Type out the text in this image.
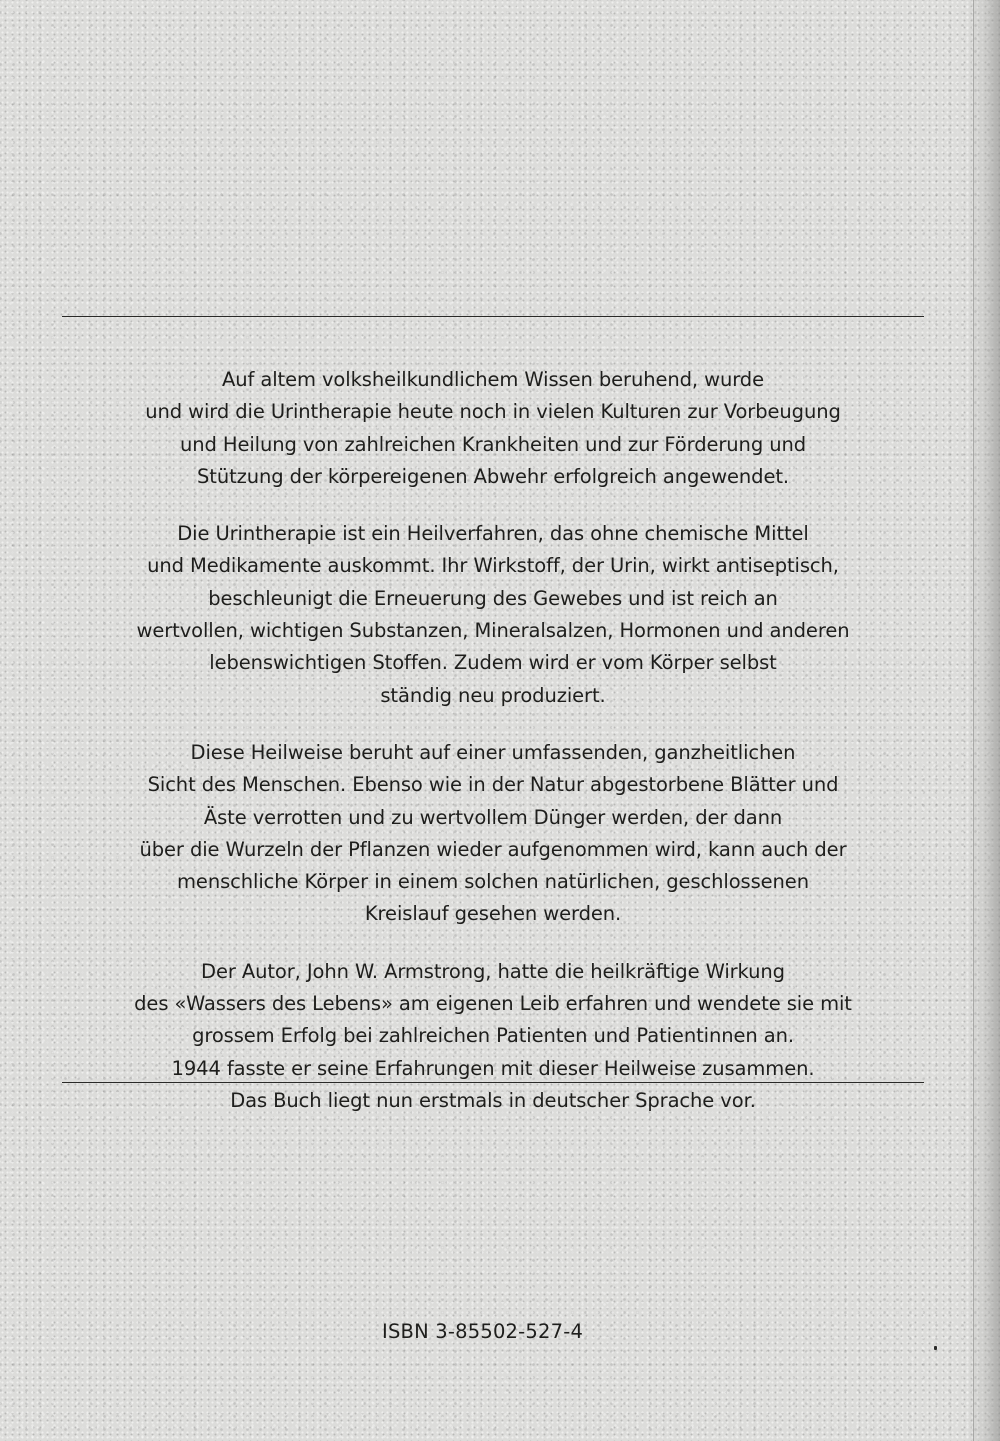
Auf altem volksheilkundlichem Wissen beruhend, wurde
und wird die Urintherapie heute noch in vielen Kulturen zur Vorbeugung
und Heilung von zahlreichen Krankheiten und zur Förderung und
Stützung der körpereigenen Abwehr erfolgreich angewendet.

Die Urintherapie ist ein Heilverfahren, das ohne chemische Mittel
und Medikamente auskommt. Ihr Wirkstoff, der Urin, wirkt antiseptisch,
beschleunigt die Erneuerung des Gewebes und ist reich an
wertvollen, wichtigen Substanzen, Mineralsalzen, Hormonen und anderen
lebenswichtigen Stoffen. Zudem wird er vom Körper selbst
ständig neu produziert.

Diese Heilweise beruht auf einer umfassenden, ganzheitlichen
Sicht des Menschen. Ebenso wie in der Natur abgestorbene Blätter und
Äste verrotten und zu wertvollem Dünger werden, der dann
über die Wurzeln der Pflanzen wieder aufgenommen wird, kann auch der
menschliche Körper in einem solchen natürlichen, geschlossenen
Kreislauf gesehen werden.

Der Autor, John W. Armstrong, hatte die heilkräftige Wirkung
des «Wassers des Lebens» am eigenen Leib erfahren und wendete sie mit
grossem Erfolg bei zahlreichen Patienten und Patientinnen an.
1944 fasste er seine Erfahrungen mit dieser Heilweise zusammen.
Das Buch liegt nun erstmals in deutscher Sprache vor.

ISBN 3-85502-527-4
